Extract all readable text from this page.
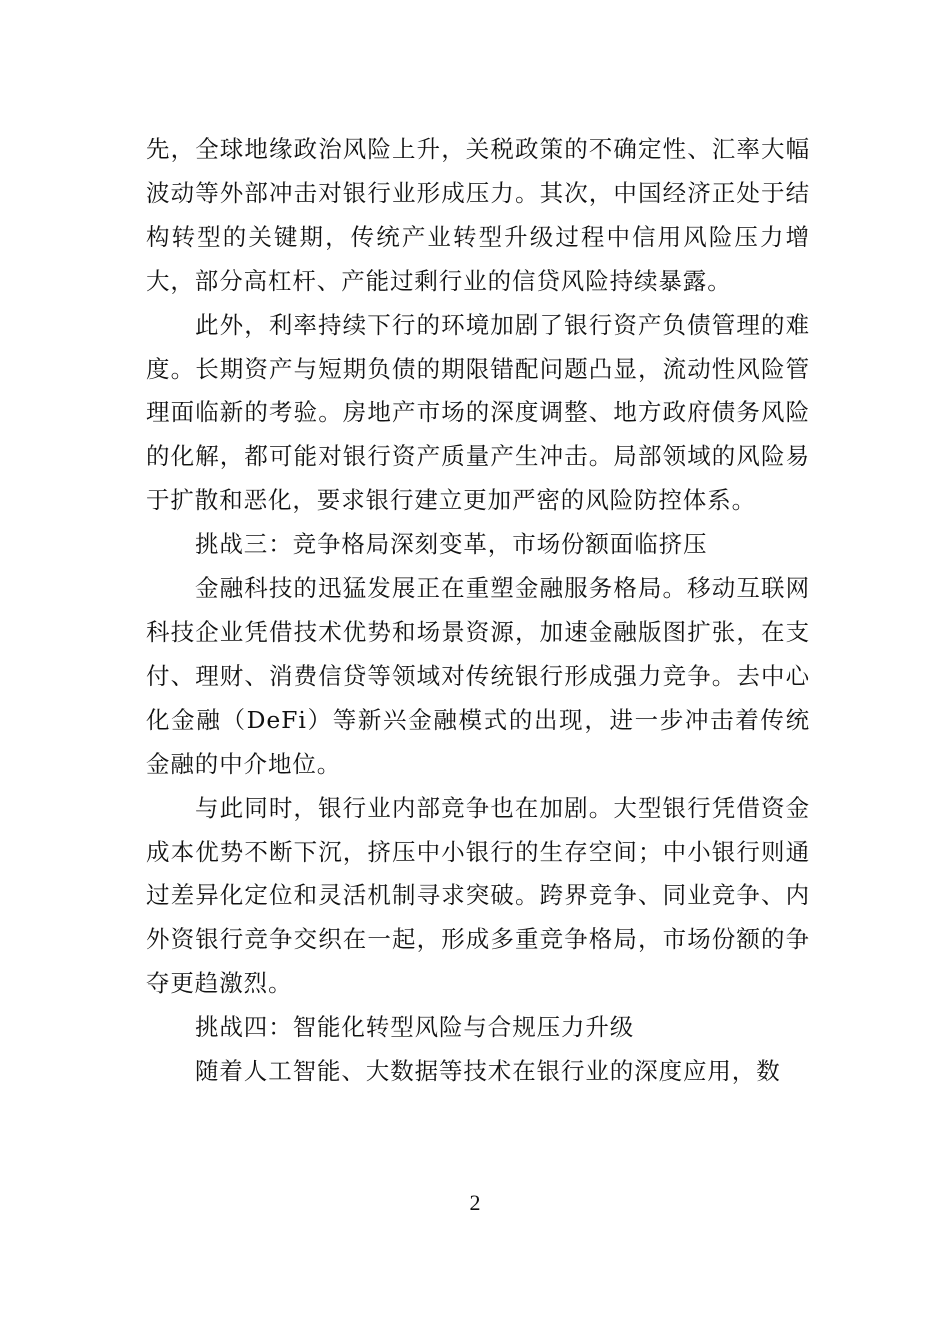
先，全球地缘政治风险上升，关税政策的不确定性、汇率大幅波动等外部冲击对银行业形成压力。其次，中国经济正处于结构转型的关键期，传统产业转型升级过程中信用风险压力增大，部分高杠杆、产能过剩行业的信贷风险持续暴露。

此外，利率持续下行的环境加剧了银行资产负债管理的难度。长期资产与短期负债的期限错配问题凸显，流动性风险管理面临新的考验。房地产市场的深度调整、地方政府债务风险的化解，都可能对银行资产质量产生冲击。局部领域的风险易于扩散和恶化，要求银行建立更加严密的风险防控体系。

挑战三：竞争格局深刻变革，市场份额面临挤压

金融科技的迅猛发展正在重塑金融服务格局。移动互联网科技企业凭借技术优势和场景资源，加速金融版图扩张，在支付、理财、消费信贷等领域对传统银行形成强力竞争。去中心化金融（DeFi）等新兴金融模式的出现，进一步冲击着传统金融的中介地位。

与此同时，银行业内部竞争也在加剧。大型银行凭借资金成本优势不断下沉，挤压中小银行的生存空间；中小银行则通过差异化定位和灵活机制寻求突破。跨界竞争、同业竞争、内外资银行竞争交织在一起，形成多重竞争格局，市场份额的争夺更趋激烈。

挑战四：智能化转型风险与合规压力升级

随着人工智能、大数据等技术在银行业的深度应用，数

2
